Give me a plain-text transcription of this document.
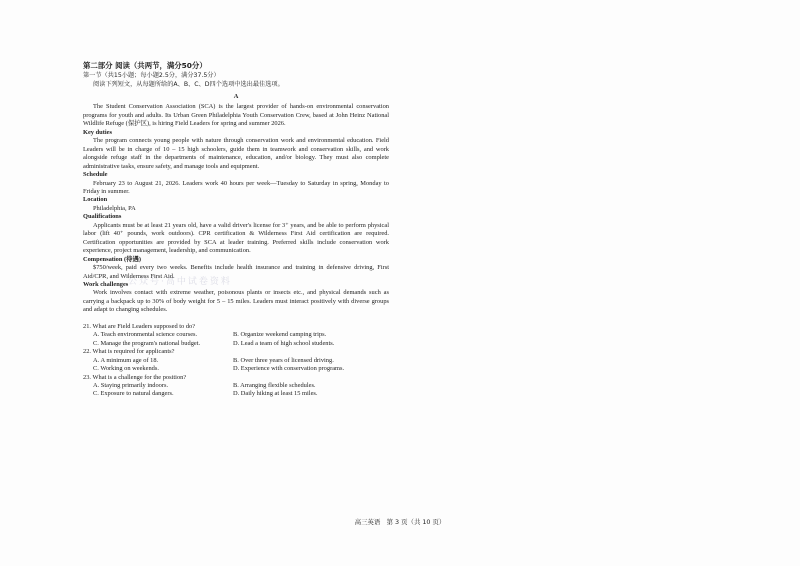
公众号·高中试卷资料

第二部分 阅读（共两节，满分50分）

第一节（共15小题；每小题2.5分，满分37.5分）

阅读下列短文，从每题所给的A、B、C、D四个选项中选出最佳选项。

A

The Student Conservation Association (SCA) is the largest provider of hands-on environmental conservation programs for youth and adults. Its Urban Green Philadelphia Youth Conservation Crew, based at John Heinz National Wildlife Refuge (保护区), is hiring Field Leaders for spring and summer 2026.

Key duties

The program connects young people with nature through conservation work and environmental education. Field Leaders will be in charge of 10 – 15 high schoolers, guide them in teamwork and conservation skills, and work alongside refuge staff in the departments of maintenance, education, and/or biology. They must also complete administrative tasks, ensure safety, and manage tools and equipment.

Schedule

February 23 to August 21, 2026. Leaders work 40 hours per week—Tuesday to Saturday in spring, Monday to Friday in summer.

Location

Philadelphia, PA

Qualifications

Applicants must be at least 21 years old, have a valid driver's license for 3⁺ years, and be able to perform physical labor (lift 40⁺ pounds, work outdoors). CPR certification & Wilderness First Aid certification are required. Certification opportunities are provided by SCA at leader training. Preferred skills include conservation work experience, project management, leadership, and communication.

Compensation (待遇)

$750/week, paid every two weeks. Benefits include health insurance and training in defensive driving, First Aid/CPR, and Wilderness First Aid.

Work challenges

Work involves contact with extreme weather, poisonous plants or insects etc., and physical demands such as carrying a backpack up to 30% of body weight for 5 – 15 miles. Leaders must interact positively with diverse groups and adapt to changing schedules.

21. What are Field Leaders supposed to do?

A. Teach environmental science courses.	B. Organize weekend camping trips.
C. Manage the program's national budget.	D. Lead a team of high school students.

22. What is required for applicants?

A. A minimum age of 18.	B. Over three years of licensed driving.
C. Working on weekends.	D. Experience with conservation programs.

23. What is a challenge for the position?

A. Staying primarily indoors.	B. Arranging flexible schedules.
C. Exposure to natural dangers.	D. Daily hiking at least 15 miles.
高三英语　第 3 页（共 10 页）
